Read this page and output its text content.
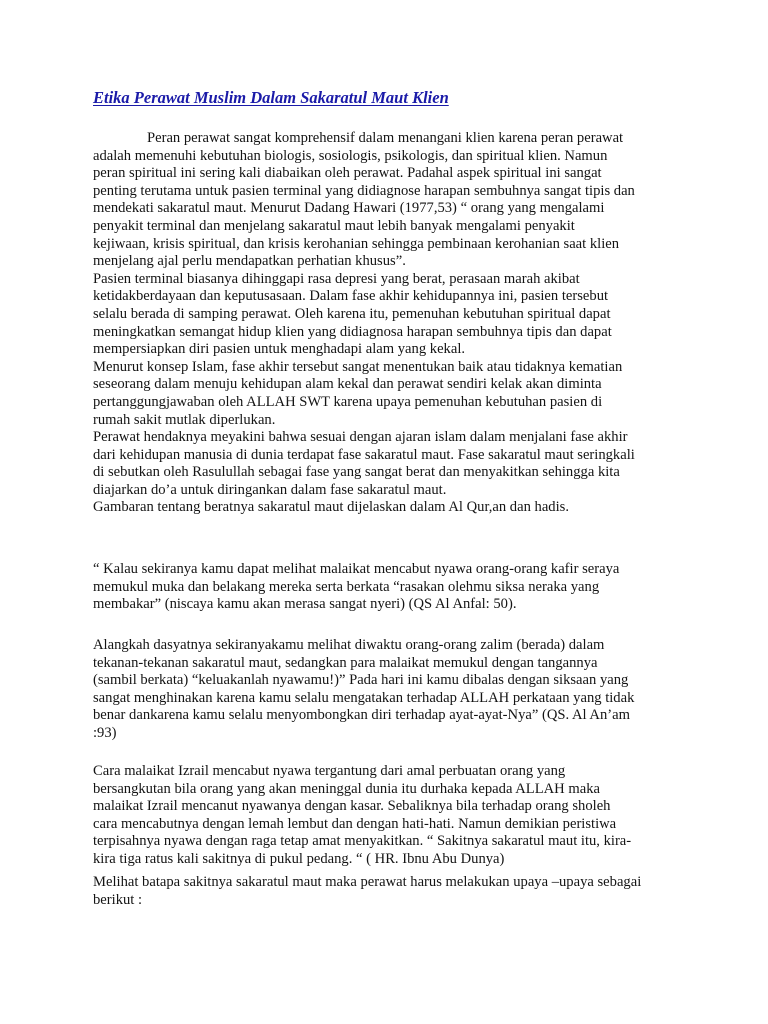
Etika Perawat Muslim Dalam Sakaratul Maut Klien
Peran perawat sangat komprehensif dalam menangani klien karena peran perawat
adalah memenuhi kebutuhan biologis, sosiologis, psikologis, dan spiritual klien. Namun
peran spiritual ini sering kali diabaikan oleh perawat. Padahal aspek spiritual ini sangat
penting terutama untuk pasien terminal yang didiagnose harapan sembuhnya sangat tipis dan
mendekati sakaratul maut. Menurut Dadang Hawari (1977,53) “ orang yang mengalami
penyakit terminal dan menjelang sakaratul maut lebih banyak mengalami penyakit
kejiwaan, krisis spiritual, dan krisis kerohanian sehingga pembinaan kerohanian saat klien
menjelang ajal perlu mendapatkan perhatian khusus”.
Pasien terminal biasanya dihinggapi rasa depresi yang berat, perasaan marah akibat
ketidakberdayaan dan keputusasaan. Dalam fase akhir kehidupannya ini, pasien tersebut
selalu berada di samping perawat. Oleh karena itu, pemenuhan kebutuhan spiritual dapat
meningkatkan semangat hidup klien yang didiagnosa harapan sembuhnya tipis dan dapat
mempersiapkan diri pasien untuk menghadapi alam yang kekal.
Menurut konsep Islam, fase akhir tersebut sangat menentukan baik atau tidaknya kematian
seseorang dalam menuju kehidupan alam kekal dan perawat sendiri kelak akan diminta
pertanggungjawaban oleh ALLAH SWT karena upaya pemenuhan kebutuhan pasien di
rumah sakit mutlak diperlukan.
Perawat hendaknya meyakini bahwa sesuai dengan ajaran islam dalam menjalani fase akhir
dari kehidupan manusia di dunia terdapat fase sakaratul maut. Fase sakaratul maut seringkali
di sebutkan oleh Rasulullah sebagai fase yang sangat berat dan menyakitkan sehingga kita
diajarkan do’a untuk diringankan dalam fase sakaratul maut.
Gambaran tentang beratnya sakaratul maut dijelaskan dalam Al Qur,an dan hadis.
“ Kalau sekiranya kamu dapat melihat malaikat mencabut nyawa orang-orang kafir seraya
memukul muka dan belakang mereka serta berkata “rasakan olehmu siksa neraka yang
membakar” (niscaya kamu akan merasa sangat nyeri) (QS Al Anfal: 50).
Alangkah dasyatnya sekiranyakamu melihat diwaktu orang-orang zalim (berada) dalam
tekanan-tekanan sakaratul maut, sedangkan para malaikat memukul dengan tangannya
(sambil berkata) “keluakanlah nyawamu!)” Pada hari ini kamu dibalas dengan siksaan yang
sangat menghinakan karena kamu selalu mengatakan terhadap ALLAH perkataan yang tidak
benar dankarena kamu selalu menyombongkan diri terhadap ayat-ayat-Nya” (QS. Al An’am
:93)
Cara malaikat Izrail mencabut nyawa tergantung dari amal perbuatan orang yang
bersangkutan bila orang yang akan meninggal dunia itu durhaka kepada ALLAH maka
malaikat Izrail mencanut nyawanya dengan kasar. Sebaliknya bila terhadap orang sholeh
cara mencabutnya dengan lemah lembut dan dengan hati-hati. Namun demikian peristiwa
terpisahnya nyawa dengan raga tetap amat menyakitkan. “ Sakitnya sakaratul maut itu, kira-
kira tiga ratus kali sakitnya di pukul pedang. “ ( HR. Ibnu Abu Dunya)
Melihat batapa sakitnya sakaratul maut maka perawat harus melakukan upaya –upaya sebagai
berikut :
